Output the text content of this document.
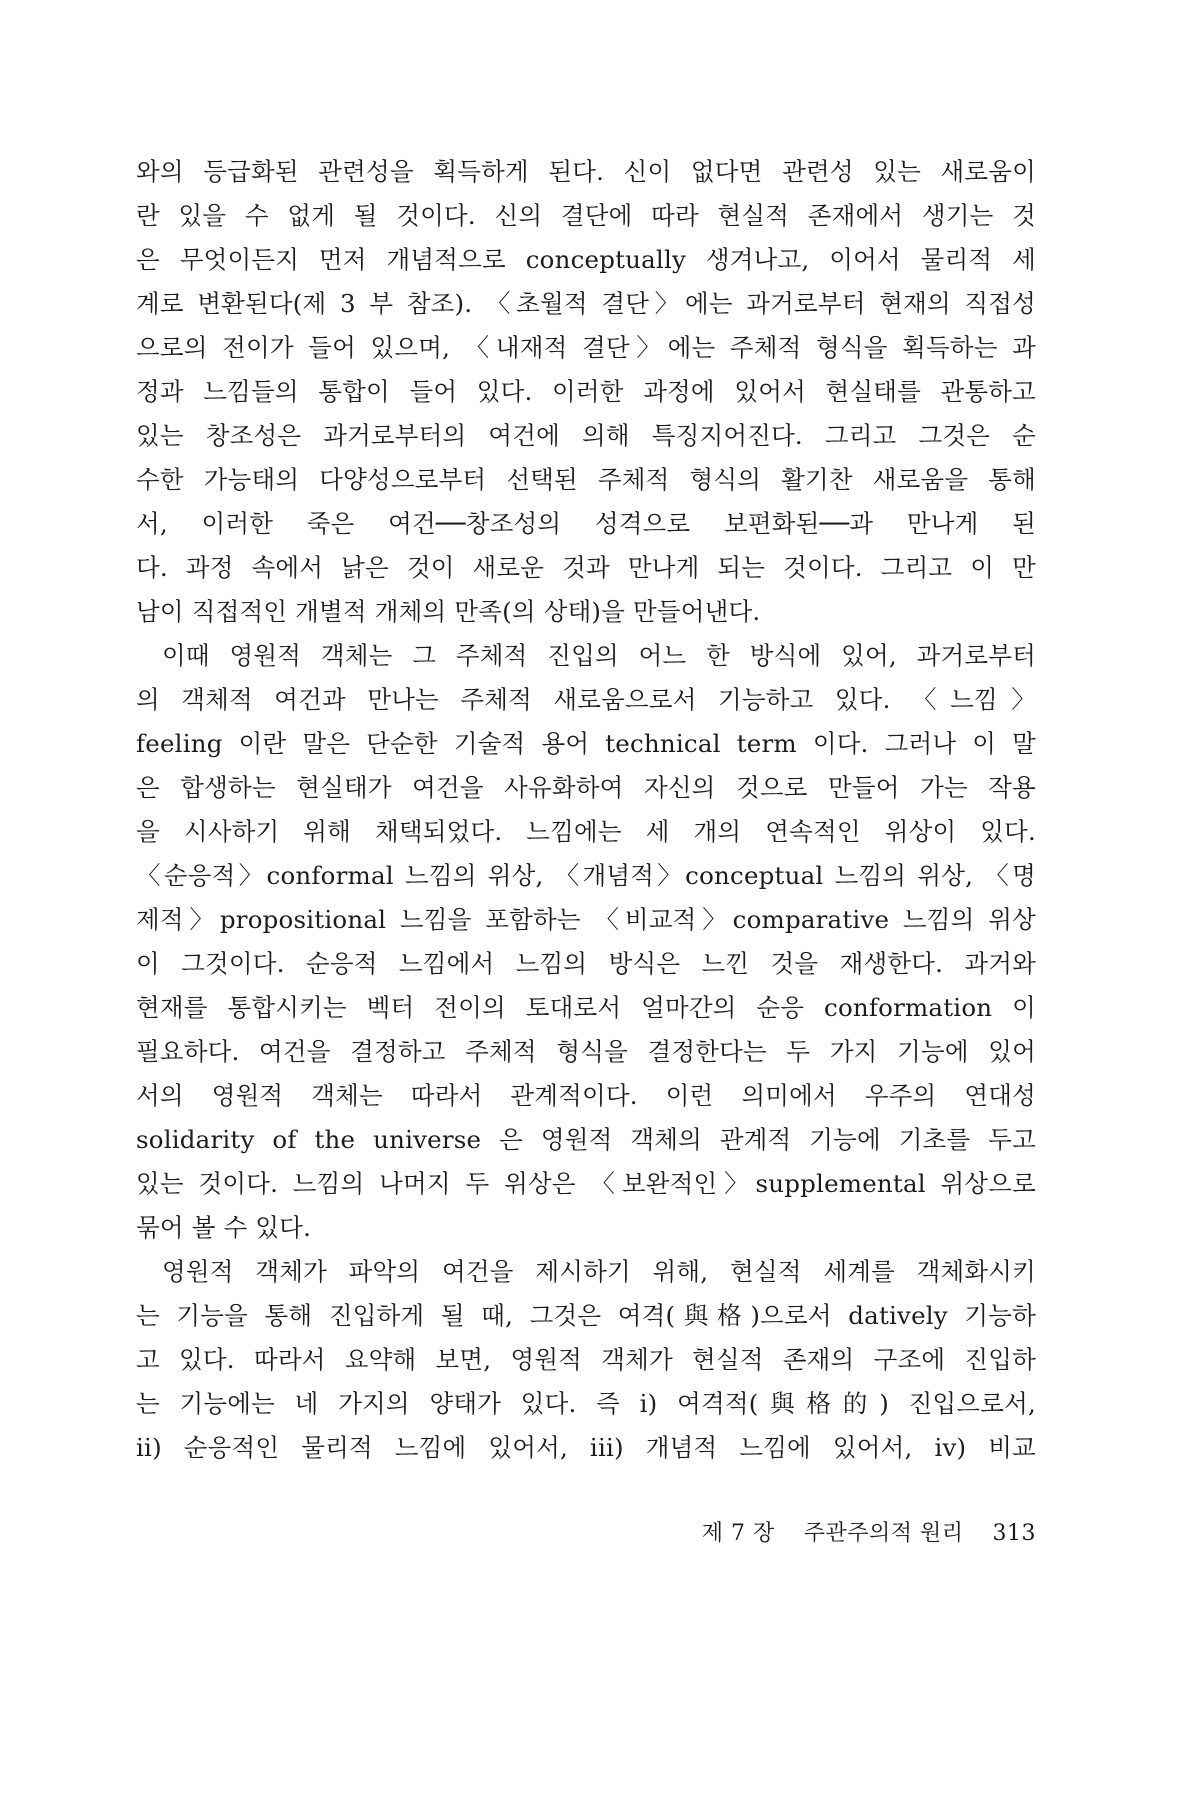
와의 등급화된 관련성을 획득하게 된다. 신이 없다면 관련성 있는 새로움이
란 있을 수 없게 될 것이다. 신의 결단에 따라 현실적 존재에서 생기는 것
은 무엇이든지 먼저 개념적으로 conceptually 생겨나고, 이어서 물리적 세
계로 변환된다(제 3 부 참조). 〈초월적 결단〉에는 과거로부터 현재의 직접성
으로의 전이가 들어 있으며, 〈내재적 결단〉에는 주체적 형식을 획득하는 과
정과 느낌들의 통합이 들어 있다. 이러한 과정에 있어서 현실태를 관통하고
있는 창조성은 과거로부터의 여건에 의해 특징지어진다. 그리고 그것은 순
수한 가능태의 다양성으로부터 선택된 주체적 형식의 활기찬 새로움을 통해
서, 이러한 죽은 여건──창조성의 성격으로 보편화된──과 만나게 된
다. 과정 속에서 낡은 것이 새로운 것과 만나게 되는 것이다. 그리고 이 만
남이 직접적인 개별적 개체의 만족(의 상태)을 만들어낸다.
이때 영원적 객체는 그 주체적 진입의 어느 한 방식에 있어, 과거로부터
의 객체적 여건과 만나는 주체적 새로움으로서 기능하고 있다. 〈느낌〉
feeling 이란 말은 단순한 기술적 용어 technical term 이다. 그러나 이 말
은 합생하는 현실태가 여건을 사유화하여 자신의 것으로 만들어 가는 작용
을 시사하기 위해 채택되었다. 느낌에는 세 개의 연속적인 위상이 있다.
〈순응적〉conformal 느낌의 위상, 〈개념적〉conceptual 느낌의 위상, 〈명
제적〉propositional 느낌을 포함하는 〈비교적〉comparative 느낌의 위상
이 그것이다. 순응적 느낌에서 느낌의 방식은 느낀 것을 재생한다. 과거와
현재를 통합시키는 벡터 전이의 토대로서 얼마간의 순응 conformation 이
필요하다. 여건을 결정하고 주체적 형식을 결정한다는 두 가지 기능에 있어
서의 영원적 객체는 따라서 관계적이다. 이런 의미에서 우주의 연대성
solidarity of the universe 은 영원적 객체의 관계적 기능에 기초를 두고
있는 것이다. 느낌의 나머지 두 위상은 〈보완적인〉supplemental 위상으로
묶어 볼 수 있다.
영원적 객체가 파악의 여건을 제시하기 위해, 현실적 세계를 객체화시키
는 기능을 통해 진입하게 될 때, 그것은 여격(與格)으로서 datively 기능하
고 있다. 따라서 요약해 보면, 영원적 객체가 현실적 존재의 구조에 진입하
는 기능에는 네 가지의 양태가 있다. 즉 i) 여격적(與格的) 진입으로서,
ii) 순응적인 물리적 느낌에 있어서, iii) 개념적 느낌에 있어서, iv) 비교
제 7 장 주관주의적 원리 313
